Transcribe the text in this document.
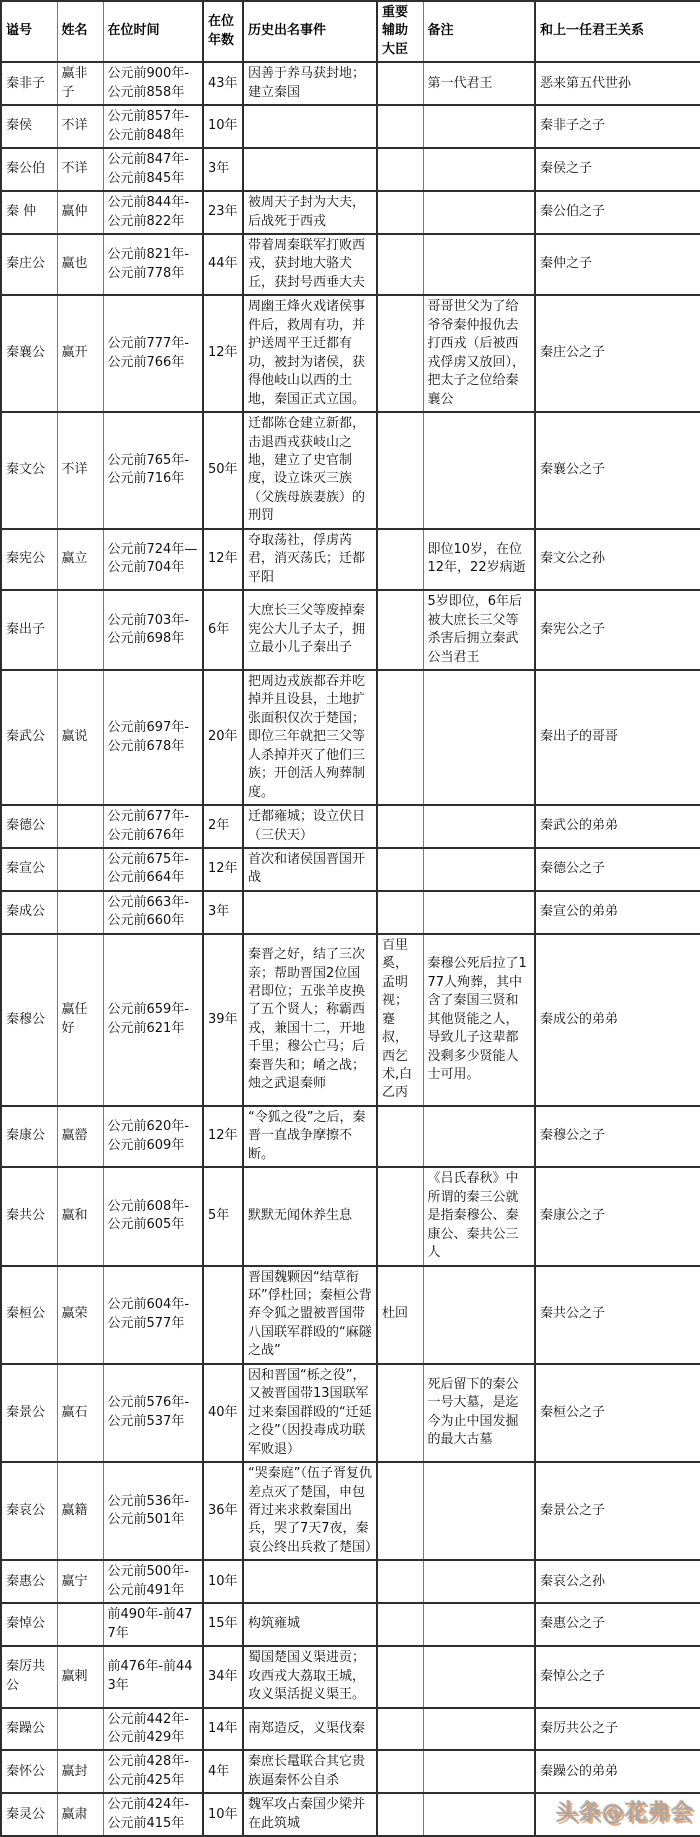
谥号	姓名	在位时间	在位年数	历史出名事件	重要辅助大臣	备注	和上一任君王关系
秦非子	赢非子	公元前900年-公元前858年	43年	因善于养马获封地；建立秦国		第一代君王	恶来第五代世孙
秦侯	不详	公元前857年-公元前848年	10年				秦非子之子
秦公伯	不详	公元前847年-公元前845年	3年				秦侯之子
秦 仲	赢仲	公元前844年-公元前822年	23年	被周天子封为大夫，后战死于西戎			秦公伯之子
秦庄公	赢也	公元前821年-公元前778年	44年	带着周秦联军打败西戎，获封地大骆犬丘，获封号西垂大夫			秦仲之子
秦襄公	赢开	公元前777年-公元前766年	12年	周幽王烽火戏诸侯事件后，救周有功，并护送周平王迁都有功，被封为诸侯，获得他岐山以西的土地，秦国正式立国。		哥哥世父为了给爷爷秦仲报仇去打西戎（后被西戎俘虏又放回），把太子之位给秦襄公	秦庄公之子
秦文公	不详	公元前765年-公元前716年	50年	迁都陈仓建立新都，击退西戎获岐山之地，建立了史官制度，设立诛灭三族（父族母族妻族）的刑罚			秦襄公之子
秦宪公	赢立	公元前724年—公元前704年	12年	夺取荡社，俘虏芮君，消灭荡氏；迁都平阳		即位10岁，在位12年，22岁病逝	秦文公之孙
秦出子		公元前703年-公元前698年	6年	大庶长三父等废掉秦宪公大儿子太子，拥立最小儿子秦出子		5岁即位，6年后被大庶长三父等杀害后拥立秦武公当君王	秦宪公之子
秦武公	赢说	公元前697年-公元前678年	20年	把周边戎族都吞并吃掉并且设县，土地扩张面积仅次于楚国；即位三年就把三父等人杀掉并灭了他们三族；开创活人殉葬制度。			秦出子的哥哥
秦德公		公元前677年-公元前676年	2年	迁都雍城；设立伏日（三伏天）			秦武公的弟弟
秦宣公		公元前675年-公元前664年	12年	首次和诸侯国晋国开战			秦德公之子
秦成公		公元前663年-公元前660年	3年				秦宣公的弟弟
秦穆公	赢任好	公元前659年-公元前621年	39年	秦晋之好，结了三次亲；帮助晋国2位国君即位；五张羊皮换了五个贤人；称霸西戎，兼国十二，开地千里；穆公亡马；后秦晋失和；崤之战；烛之武退秦师	百里奚，孟明视；蹇叔，西乞术,白乙丙	秦穆公死后拉了177人殉葬，其中含了秦国三贤和其他贤能之人，导致儿子这辈都没剩多少贤能人士可用。	秦成公的弟弟
秦康公	赢罃	公元前620年-公元前609年	12年	“令狐之役”之后，秦晋一直战争摩擦不断。			秦穆公之子
秦共公	赢和	公元前608年-公元前605年	5年	默默无闻休养生息		《吕氏春秋》中所谓的秦三公就是指秦穆公、秦康公、秦共公三人	秦康公之子
秦桓公	赢荣	公元前604年-公元前577年		晋国魏颗因“结草衔环”俘杜回；秦桓公背弃令狐之盟被晋国带八国联军群殴的“麻隧之战”	杜回		秦共公之子
秦景公	赢石	公元前576年-公元前537年	40年	因和晋国“栎之役”，又被晋国带13国联军过来秦国群殴的“迁延之役”（因投毒成功联军败退）		死后留下的秦公一号大墓，是迄今为止中国发掘的最大古墓	秦桓公之子
秦哀公	赢籍	公元前536年-公元前501年	36年	“哭秦庭”（伍子胥复仇差点灭了楚国，申包胥过来求救秦国出兵，哭了7天7夜，秦哀公终出兵救了楚国）			秦景公之子
秦惠公	赢宁	公元前500年-公元前491年	10年				秦哀公之孙
秦悼公		前490年-前477年	15年	构筑雍城			秦惠公之子
秦厉共公	赢剌	前476年-前443年	34年	蜀国楚国义渠进贡；攻西戎大荔取王城，攻义渠活捉义渠王。			秦悼公之子
秦躁公		公元前442年-公元前429年	14年	南郑造反，义渠伐秦			秦厉共公之子
秦怀公	赢封	公元前428年-公元前425年	4年	秦庶长鼌联合其它贵族逼秦怀公自杀			秦躁公的弟弟
秦灵公	赢肃	公元前424年-公元前415年	10年	魏军攻占秦国少梁并在此筑城				头条@花弗会
